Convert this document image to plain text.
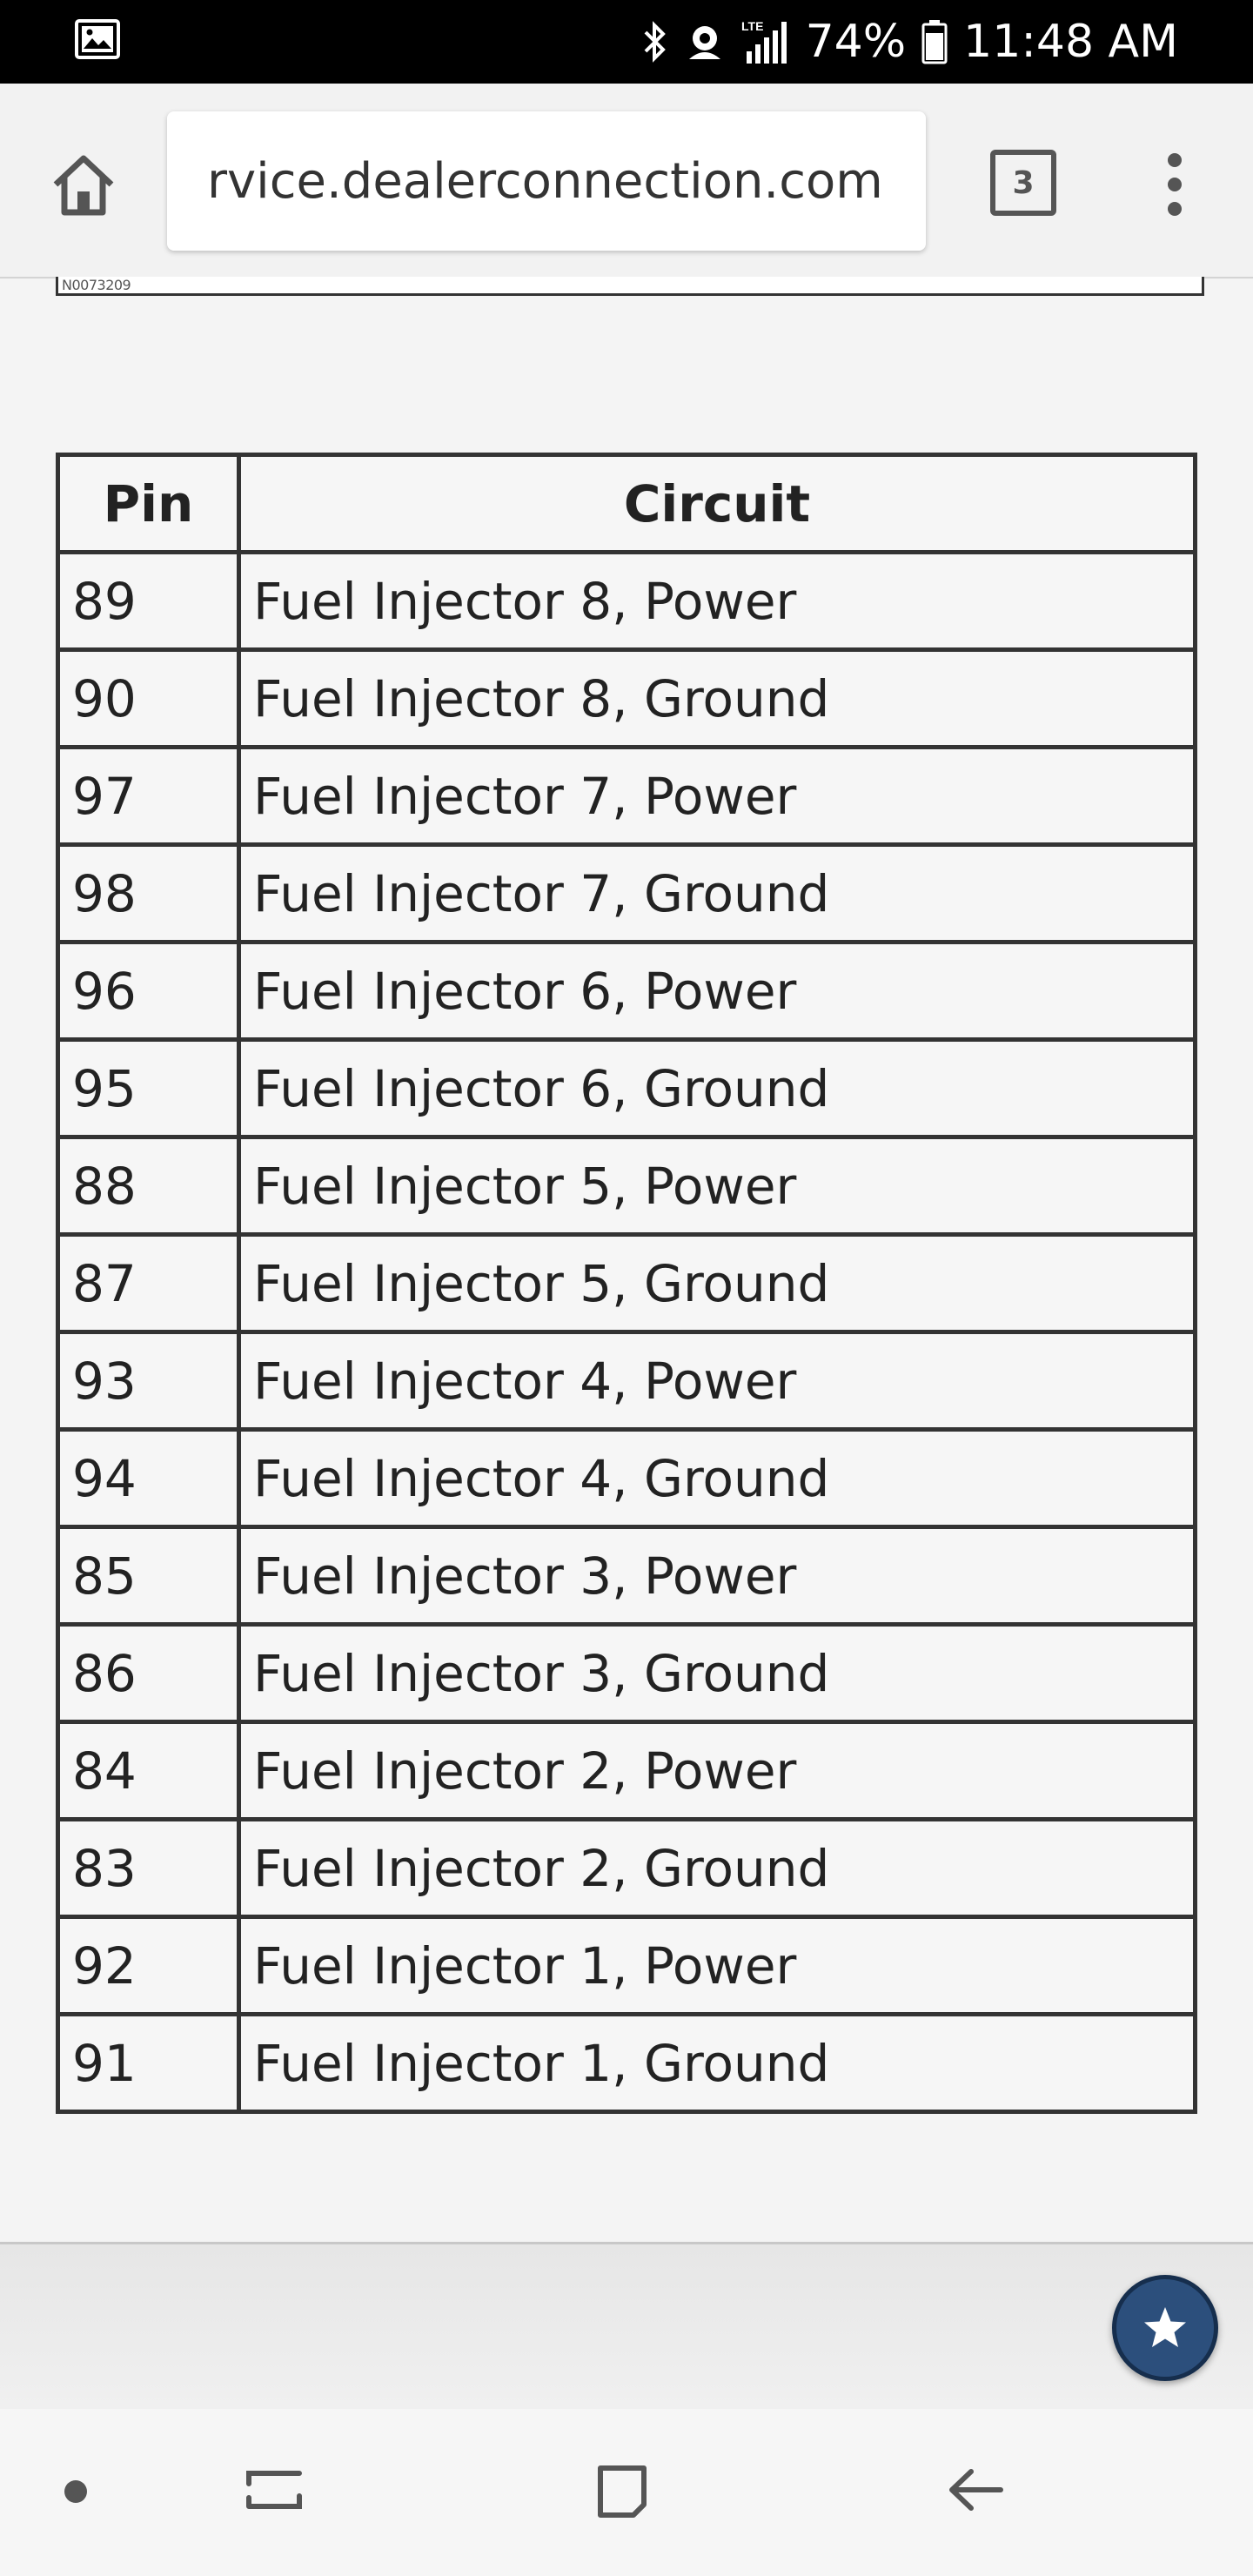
LTE 74% 11:48 AM
rvice.dealerconnection.com	3
N0073209
Pin	Circuit
89	Fuel Injector 8, Power
90	Fuel Injector 8, Ground
97	Fuel Injector 7, Power
98	Fuel Injector 7, Ground
96	Fuel Injector 6, Power
95	Fuel Injector 6, Ground
88	Fuel Injector 5, Power
87	Fuel Injector 5, Ground
93	Fuel Injector 4, Power
94	Fuel Injector 4, Ground
85	Fuel Injector 3, Power
86	Fuel Injector 3, Ground
84	Fuel Injector 2, Power
83	Fuel Injector 2, Ground
92	Fuel Injector 1, Power
91	Fuel Injector 1, Ground
